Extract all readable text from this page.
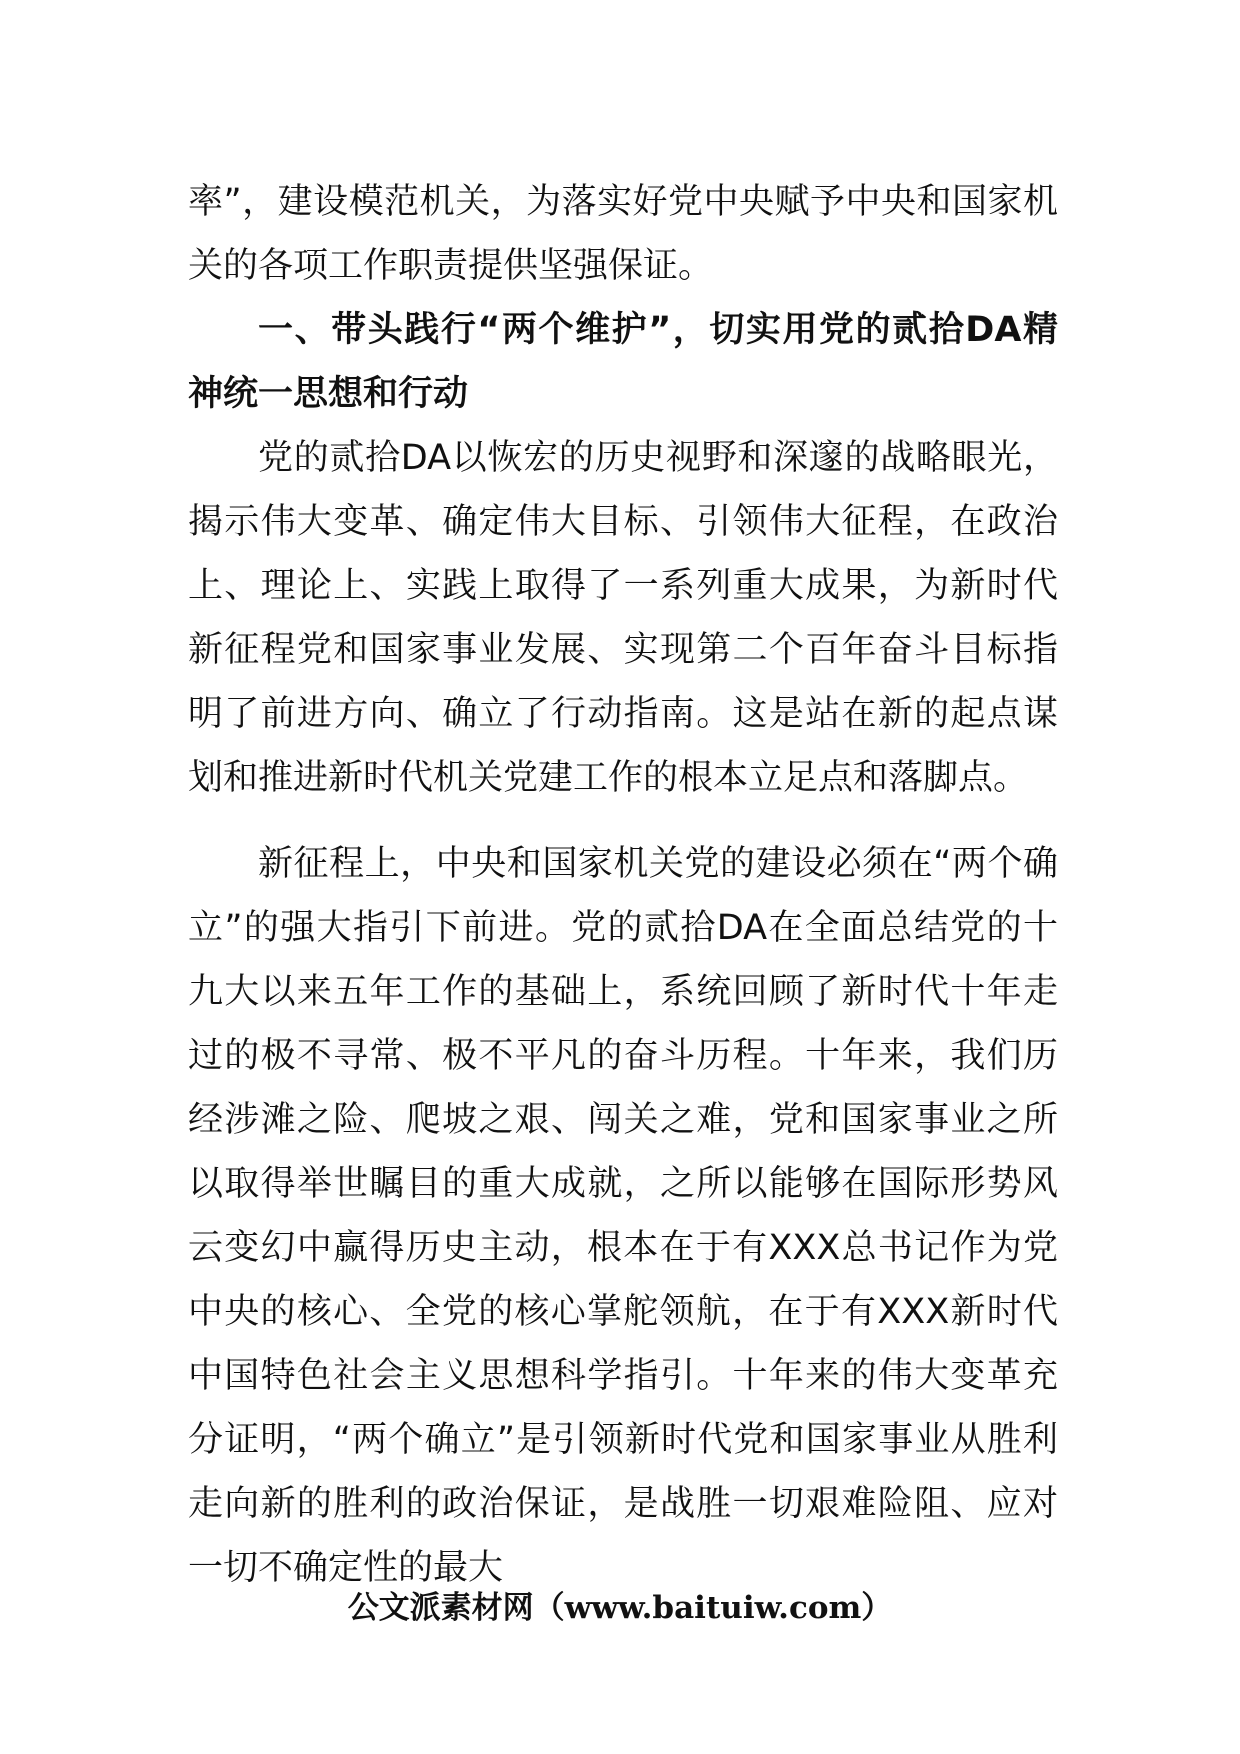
率”，建设模范机关，为落实好党中央赋予中央和国家机关的各项工作职责提供坚强保证。

一、带头践行“两个维护”，切实用党的贰拾DA精神统一思想和行动

党的贰拾DA以恢宏的历史视野和深邃的战略眼光，揭示伟大变革、确定伟大目标、引领伟大征程，在政治上、理论上、实践上取得了一系列重大成果，为新时代新征程党和国家事业发展、实现第二个百年奋斗目标指明了前进方向、确立了行动指南。这是站在新的起点谋划和推进新时代机关党建工作的根本立足点和落脚点。

新征程上，中央和国家机关党的建设必须在“两个确立”的强大指引下前进。党的贰拾DA在全面总结党的十九大以来五年工作的基础上，系统回顾了新时代十年走过的极不寻常、极不平凡的奋斗历程。十年来，我们历经涉滩之险、爬坡之艰、闯关之难，党和国家事业之所以取得举世瞩目的重大成就，之所以能够在国际形势风云变幻中赢得历史主动，根本在于有XXX总书记作为党中央的核心、全党的核心掌舵领航，在于有XXX新时代中国特色社会主义思想科学指引。十年来的伟大变革充分证明，“两个确立”是引领新时代党和国家事业从胜利走向新的胜利的政治保证，是战胜一切艰难险阻、应对一切不确定性的最大

公文派素材网（www.baituiw.com）
